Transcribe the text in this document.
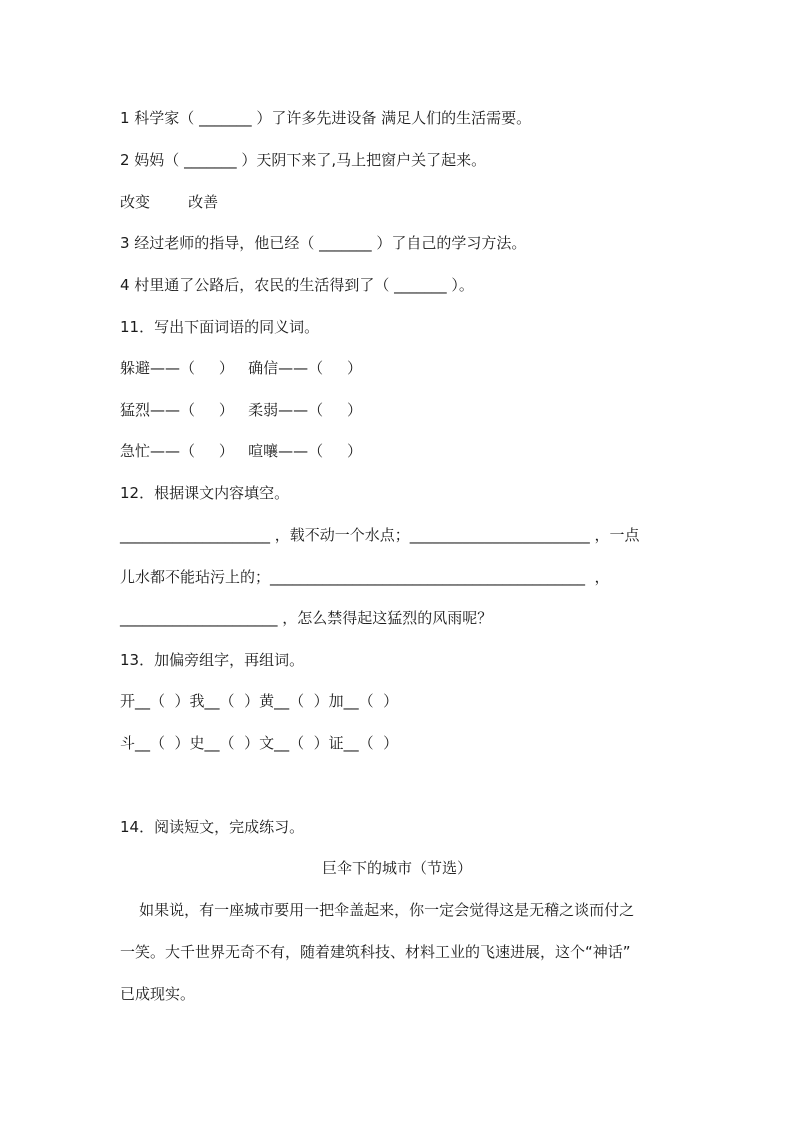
1 科学家（ _______ ）了许多先进设备 满足人们的生活需要。
2 妈妈（ _______ ）天阴下来了,马上把窗户关了起来。
改变        改善
3 经过老师的指导，他已经（ _______ ）了自己的学习方法。
4 村里通了公路后，农民的生活得到了（ _______ ）。
11．写出下面词语的同义词。
躲避——（     ）   确信——（     ）
猛烈——（     ）   柔弱——（     ）
急忙——（     ）   喧嚷——（     ）
12．根据课文内容填空。
____________________ ，载不动一个水点；________________________ ，一点
儿水都不能玷污上的；__________________________________________  ，
_____________________ ，怎么禁得起这猛烈的风雨呢？
13．加偏旁组字，再组词。
开__（  ）我__（  ）黄__（  ）加__（  ）
斗__（  ）史__（  ）文__（  ）证__（  ）
14．阅读短文，完成练习。
巨伞下的城市（节选）
如果说，有一座城市要用一把伞盖起来，你一定会觉得这是无稽之谈而付之
一笑。大千世界无奇不有，随着建筑科技、材料工业的飞速进展，这个“神话”
已成现实。
